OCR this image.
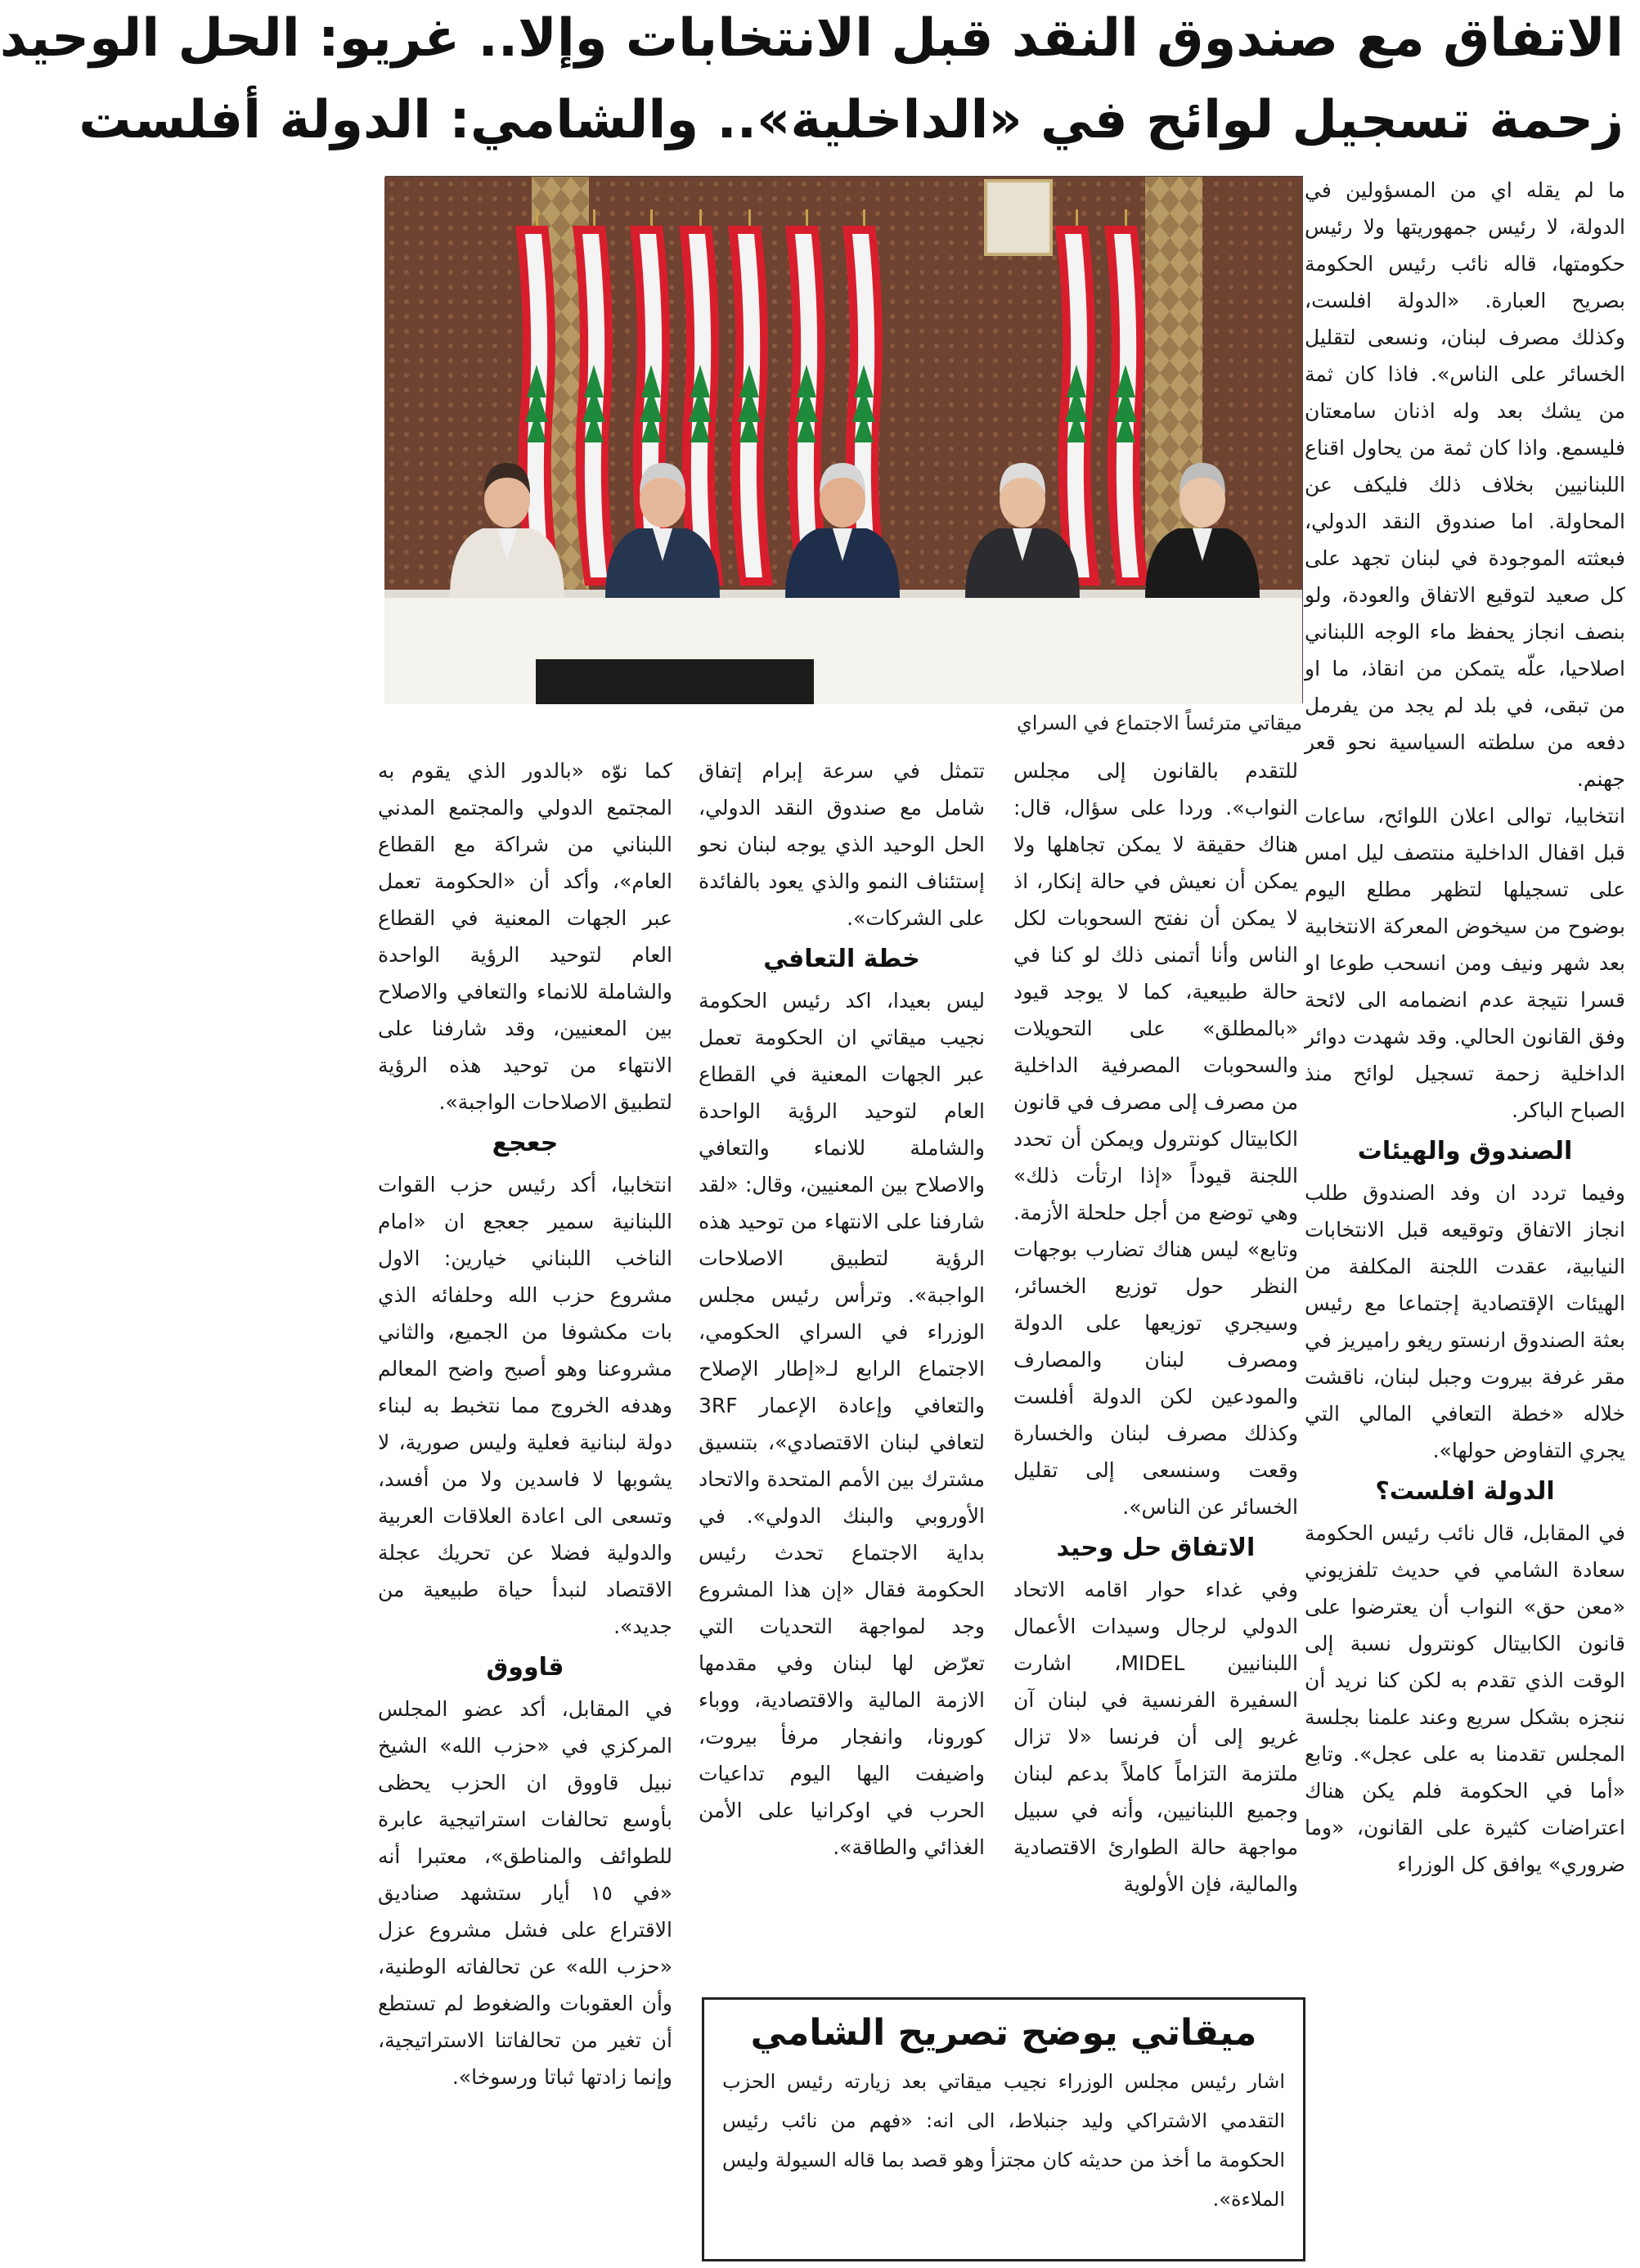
الاتفاق مع صندوق النقد قبل الانتخابات وإلا.. غريو: الحل الوحيد
زحمة تسجيل لوائح في «الداخلية».. والشامي: الدولة أفلست
ميقاتي مترئساً الاجتماع في السراي

ما لم يقله اي من المسؤولين في الدولة، لا رئيس جمهوريتها ولا رئيس حكومتها، قاله نائب رئيس الحكومة بصريح العبارة. «الدولة افلست، وكذلك مصرف لبنان، ونسعى لتقليل الخسائر على الناس». فاذا كان ثمة من يشك بعد وله اذنان سامعتان فليسمع. واذا كان ثمة من يحاول اقناع اللبنانيين بخلاف ذلك فليكف عن المحاولة. اما صندوق النقد الدولي، فبعثته الموجودة في لبنان تجهد على كل صعيد لتوقيع الاتفاق والعودة، ولو بنصف انجاز يحفظ ماء الوجه اللبناني اصلاحيا، علّه يتمكن من انقاذ، ما او من تبقى، في بلد لم يجد من يفرمل دفعه من سلطته السياسية نحو قعر جهنم.

انتخابيا، توالى اعلان اللوائح، ساعات قبل اقفال الداخلية منتصف ليل امس على تسجيلها لتظهر مطلع اليوم بوضوح من سيخوض المعركة الانتخابية بعد شهر ونيف ومن انسحب طوعا او قسرا نتيجة عدم انضمامه الى لائحة وفق القانون الحالي. وقد شهدت دوائر الداخلية زحمة تسجيل لوائح منذ الصباح الباكر.

الصندوق والهيئات

وفيما تردد ان وفد الصندوق طلب انجاز الاتفاق وتوقيعه قبل الانتخابات النيابية، عقدت اللجنة المكلفة من الهيئات الإقتصادية إجتماعا مع رئيس بعثة الصندوق ارنستو ريغو راميريز في مقر غرفة بيروت وجبل لبنان، ناقشت خلاله «خطة التعافي المالي التي يجري التفاوض حولها».

الدولة افلست؟

في المقابل، قال نائب رئيس الحكومة سعادة الشامي في حديث تلفزيوني «معن حق» النواب أن يعترضوا على قانون الكابيتال كونترول نسبة إلى الوقت الذي تقدم به لكن كنا نريد أن ننجزه بشكل سريع وعند علمنا بجلسة المجلس تقدمنا به على عجل». وتابع «أما في الحكومة فلم يكن هناك اعتراضات كثيرة على القانون، «وما ضروري» يوافق كل الوزراء

للتقدم بالقانون إلى مجلس النواب». وردا على سؤال، قال: هناك حقيقة لا يمكن تجاهلها ولا يمكن أن نعيش في حالة إنكار، اذ لا يمكن أن نفتح السحوبات لكل الناس وأنا أتمنى ذلك لو كنا في حالة طبيعية، كما لا يوجد قيود «بالمطلق» على التحويلات والسحوبات المصرفية الداخلية من مصرف إلى مصرف في قانون الكابيتال كونترول ويمكن أن تحدد اللجنة قيوداً «إذا ارتأت ذلك» وهي توضع من أجل حلحلة الأزمة. وتابع» ليس هناك تضارب بوجهات النظر حول توزيع الخسائر، وسيجري توزيعها على الدولة ومصرف لبنان والمصارف والمودعين لكن الدولة أفلست وكذلك مصرف لبنان والخسارة وقعت وسنسعى إلى تقليل الخسائر عن الناس».

الاتفاق حل وحيد

وفي غداء حوار اقامه الاتحاد الدولي لرجال وسيدات الأعمال اللبنانيين MIDEL، اشارت السفيرة الفرنسية في لبنان آن غريو إلى أن فرنسا «لا تزال ملتزمة التزاماً كاملاً بدعم لبنان وجميع اللبنانيين، وأنه في سبيل مواجهة حالة الطوارئ الاقتصادية والمالية، فإن الأولوية

تتمثل في سرعة إبرام إتفاق شامل مع صندوق النقد الدولي، الحل الوحيد الذي يوجه لبنان نحو إستئناف النمو والذي يعود بالفائدة على الشركات».

خطة التعافي

ليس بعيدا، اكد رئيس الحكومة نجيب ميقاتي ان الحكومة تعمل عبر الجهات المعنية في القطاع العام لتوحيد الرؤية الواحدة والشاملة للانماء والتعافي والاصلاح بين المعنيين، وقال: «لقد شارفنا على الانتهاء من توحيد هذه الرؤية لتطبيق الاصلاحات الواجبة». وترأس رئيس مجلس الوزراء في السراي الحكومي، الاجتماع الرابع لـ«إطار الإصلاح والتعافي وإعادة الإعمار 3RF لتعافي لبنان الاقتصادي»، بتنسيق مشترك بين الأمم المتحدة والاتحاد الأوروبي والبنك الدولي». في بداية الاجتماع تحدث رئيس الحكومة فقال «إن هذا المشروع وجد لمواجهة التحديات التي تعرّض لها لبنان وفي مقدمها الازمة المالية والاقتصادية، ووباء كورونا، وانفجار مرفأ بيروت، واضيفت اليها اليوم تداعيات الحرب في اوكرانيا على الأمن الغذائي والطاقة».

كما نوّه «بالدور الذي يقوم به المجتمع الدولي والمجتمع المدني اللبناني من شراكة مع القطاع العام»، وأكد أن «الحكومة تعمل عبر الجهات المعنية في القطاع العام لتوحيد الرؤية الواحدة والشاملة للانماء والتعافي والاصلاح بين المعنيين، وقد شارفنا على الانتهاء من توحيد هذه الرؤية لتطبيق الاصلاحات الواجبة».

جعجع

انتخابيا، أكد رئيس حزب القوات اللبنانية سمير جعجع ان «امام الناخب اللبناني خيارين: الاول مشروع حزب الله وحلفائه الذي بات مكشوفا من الجميع، والثاني مشروعنا وهو أصبح واضح المعالم وهدفه الخروج مما نتخبط به لبناء دولة لبنانية فعلية وليس صورية، لا يشوبها لا فاسدين ولا من أفسد، وتسعى الى اعادة العلاقات العربية والدولية فضلا عن تحريك عجلة الاقتصاد لنبدأ حياة طبيعية من جديد».

قاووق

في المقابل، أكد عضو المجلس المركزي في «حزب الله» الشيخ نبيل قاووق ان الحزب يحظى بأوسع تحالفات استراتيجية عابرة للطوائف والمناطق»، معتبرا أنه «في ١٥ أيار ستشهد صناديق الاقتراع على فشل مشروع عزل «حزب الله» عن تحالفاته الوطنية، وأن العقوبات والضغوط لم تستطع أن تغير من تحالفاتنا الاستراتيجية، وإنما زادتها ثباتا ورسوخا».

ميقاتي يوضح تصريح الشامي
اشار رئيس مجلس الوزراء نجيب ميقاتي بعد زيارته رئيس الحزب التقدمي الاشتراكي وليد جنبلاط، الى انه: «فهم من نائب رئيس الحكومة ما أخذ من حديثه كان مجتزأ وهو قصد بما قاله السيولة وليس الملاءة».
